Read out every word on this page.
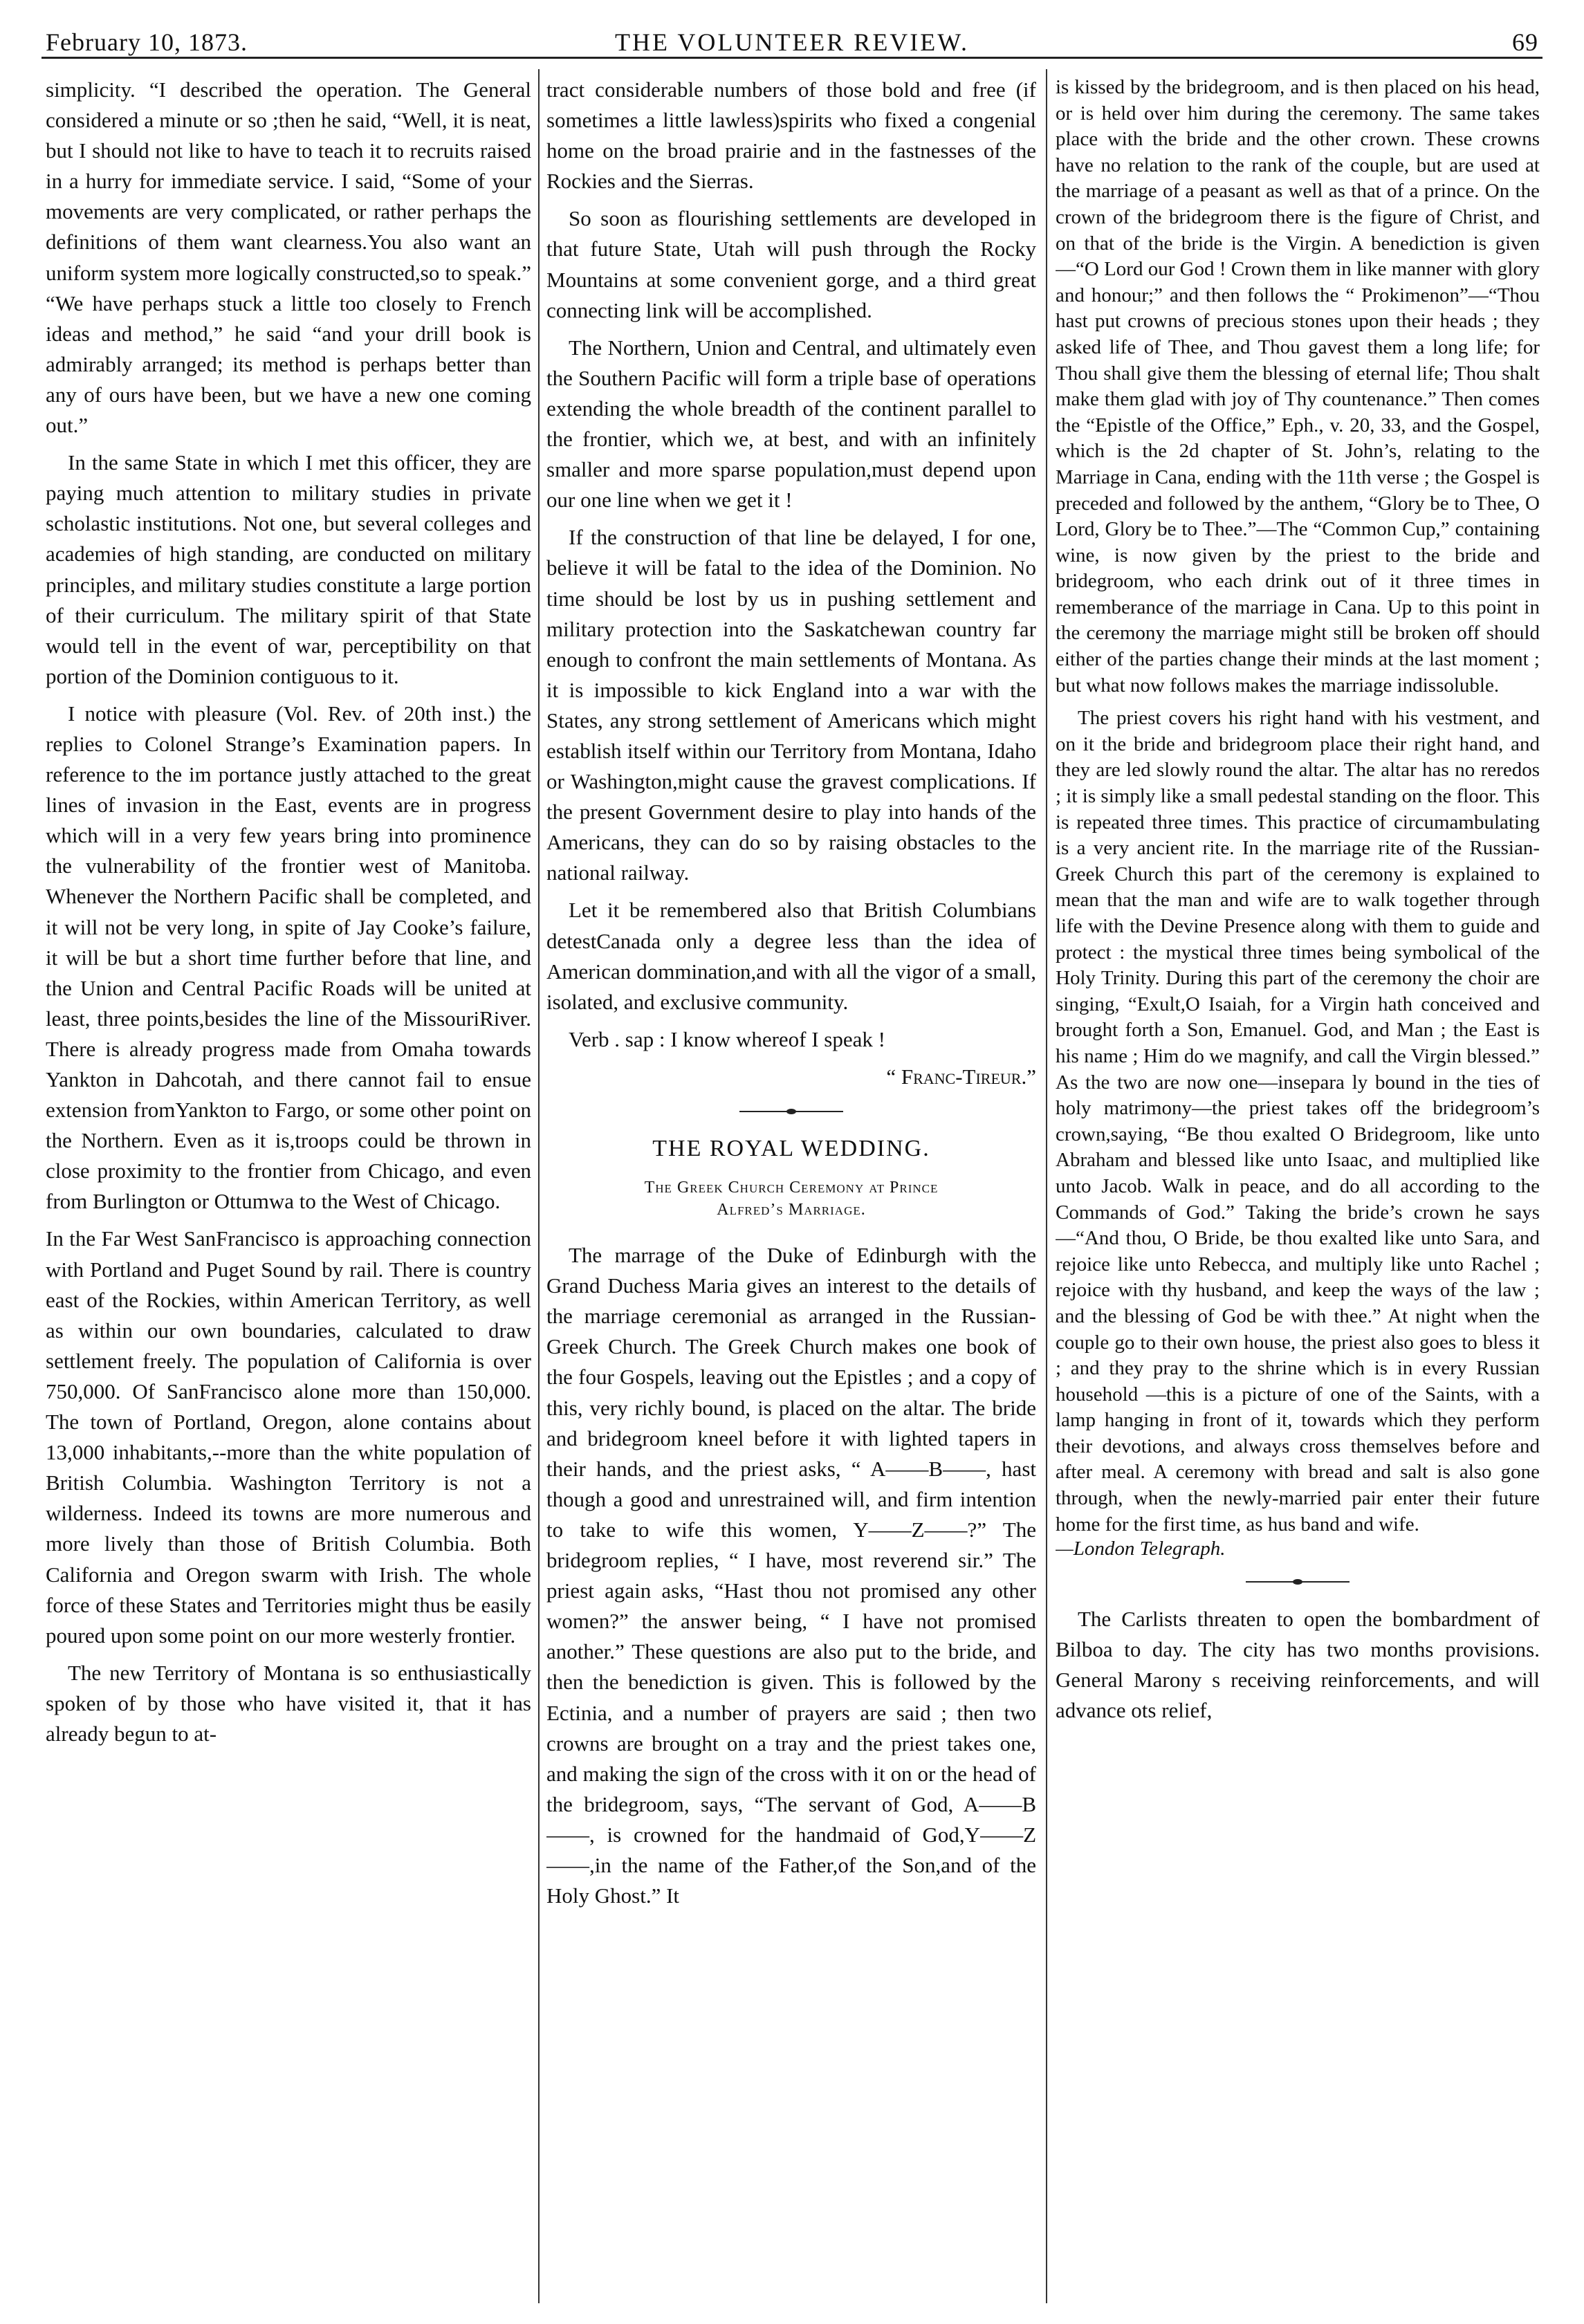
February 10, 1873.	THE VOLUNTEER REVIEW.	69

simplicity. “I described the operation. The General considered a minute or so ;then he said, “Well, it is neat, but I should not like to have to teach it to recruits raised in a hurry for immediate service. I said, “Some of your movements are very complicated, or rather perhaps the definitions of them want clearness.You also want an uniform system more logically constructed,so to speak.” “We have perhaps stuck a little too closely to French ideas and method,” he said “and your drill book is admirably arranged; its method is perhaps better than any of ours have been, but we have a new one coming out.”

In the same State in which I met this officer, they are paying much attention to military studies in private scholastic institutions. Not one, but several colleges and academies of high standing, are conducted on military principles, and military studies constitute a large portion of their curriculum. The military spirit of that State would tell in the event of war, perceptibility on that portion of the Dominion contiguous to it.

I notice with pleasure (Vol. Rev. of 20th inst.) the replies to Colonel Strange’s Examination papers. In reference to the im portance justly attached to the great lines of invasion in the East, events are in progress which will in a very few years bring into prominence the vulnerability of the frontier west of Manitoba. Whenever the Northern Pacific shall be completed, and it will not be very long, in spite of Jay Cooke’s failure, it will be but a short time further before that line, and the Union and Central Pacific Roads will be united at least, three points,besides the line of the MissouriRiver. There is already progress made from Omaha towards Yankton in Dahcotah, and there cannot fail to ensue extension fromYankton to Fargo, or some other point on the Northern. Even as it is,troops could be thrown in close proximity to the frontier from Chicago, and even from Burlington or Ottumwa to the West of Chicago.

In the Far West SanFrancisco is approaching connection with Portland and Puget Sound by rail. There is country east of the Rockies, within American Territory, as well as within our own boundaries, calculated to draw settlement freely. The population of California is over 750,000. Of SanFrancisco alone more than 150,000. The town of Portland, Oregon, alone contains about 13,000 inhabitants,--more than the white population of British Columbia. Washington Territory is not a wilderness. Indeed its towns are more numerous and more lively than those of British Columbia. Both California and Oregon swarm with Irish. The whole force of these States and Territories might thus be easily poured upon some point on our more westerly frontier.

The new Territory of Montana is so enthusiastically spoken of by those who have visited it, that it has already begun to at-

tract considerable numbers of those bold and free (if sometimes a little lawless)spirits who fixed a congenial home on the broad prairie and in the fastnesses of the Rockies and the Sierras.

So soon as flourishing settlements are developed in that future State, Utah will push through the Rocky Mountains at some convenient gorge, and a third great connecting link will be accomplished.

The Northern, Union and Central, and ultimately even the Southern Pacific will form a triple base of operations extending the whole breadth of the continent parallel to the frontier, which we, at best, and with an infinitely smaller and more sparse population,must depend upon our one line when we get it !

If the construction of that line be delayed, I for one, believe it will be fatal to the idea of the Dominion. No time should be lost by us in pushing settlement and military protection into the Saskatchewan country far enough to confront the main settlements of Montana. As it is impossible to kick England into a war with the States, any strong settlement of Americans which might establish itself within our Territory from Montana, Idaho or Washington,might cause the gravest complications. If the present Government desire to play into hands of the Americans, they can do so by raising obstacles to the national railway.

Let it be remembered also that British Columbians detestCanada only a degree less than the idea of American dommination,and with all the vigor of a small, isolated, and exclusive community.

Verb . sap : I know whereof I speak !

“ Franc-Tireur.”

THE ROYAL WEDDING.
The Greek Church Ceremony at Prince
Alfred’s Marriage.

The marrage of the Duke of Edinburgh with the Grand Duchess Maria gives an interest to the details of the marriage ceremonial as arranged in the Russian-Greek Church. The Greek Church makes one book of the four Gospels, leaving out the Epistles ; and a copy of this, very richly bound, is placed on the altar. The bride and bridegroom kneel before it with lighted tapers in their hands, and the priest asks, “ A——B——, hast though a good and unrestrained will, and firm intention to take to wife this women, Y——Z——?” The bridegroom replies, “ I have, most reverend sir.” The priest again asks, “Hast thou not promised any other women?” the answer being, “ I have not promised another.” These questions are also put to the bride, and then the benediction is given. This is followed by the Ectinia, and a number of prayers are said ; then two crowns are brought on a tray and the priest takes one, and making the sign of the cross with it on or the head of the bridegroom, says, “The servant of God, A——B——, is crowned for the handmaid of God,Y——Z——,in the name of the Father,of the Son,and of the Holy Ghost.” It

is kissed by the bridegroom, and is then placed on his head, or is held over him during the ceremony. The same takes place with the bride and the other crown. These crowns have no relation to the rank of the couple, but are used at the marriage of a peasant as well as that of a prince. On the crown of the bridegroom there is the figure of Christ, and on that of the bride is the Virgin. A benediction is given—“O Lord our God ! Crown them in like manner with glory and honour;” and then follows the “ Prokimenon”—“Thou hast put crowns of precious stones upon their heads ; they asked life of Thee, and Thou gavest them a long life; for Thou shall give them the blessing of eternal life; Thou shalt make them glad with joy of Thy countenance.” Then comes the “Epistle of the Office,” Eph., v. 20, 33, and the Gospel, which is the 2d chapter of St. John’s, relating to the Marriage in Cana, ending with the 11th verse ; the Gospel is preceded and followed by the anthem, “Glory be to Thee, O Lord, Glory be to Thee.”—The “Common Cup,” containing wine, is now given by the priest to the bride and bridegroom, who each drink out of it three times in rememberance of the marriage in Cana. Up to this point in the ceremony the marriage might still be broken off should either of the parties change their minds at the last moment ; but what now follows makes the marriage indissoluble.

The priest covers his right hand with his vestment, and on it the bride and bridegroom place their right hand, and they are led slowly round the altar. The altar has no reredos ; it is simply like a small pedestal standing on the floor. This is repeated three times. This practice of circumambulating is a very ancient rite. In the marriage rite of the Russian-Greek Church this part of the ceremony is explained to mean that the man and wife are to walk together through life with the Devine Presence along with them to guide and protect : the mystical three times being symbolical of the Holy Trinity. During this part of the ceremony the choir are singing, “Exult,O Isaiah, for a Virgin hath conceived and brought forth a Son, Emanuel. God, and Man ; the East is his name ; Him do we magnify, and call the Virgin blessed.” As the two are now one—insepara ly bound in the ties of holy matrimony—the priest takes off the bridegroom’s crown,saying, “Be thou exalted O Bridegroom, like unto Abraham and blessed like unto Isaac, and multiplied like unto Jacob. Walk in peace, and do all according to the Commands of God.” Taking the bride’s crown he says—“And thou, O Bride, be thou exalted like unto Sara, and rejoice like unto Rebecca, and multiply like unto Rachel ; rejoice with thy husband, and keep the ways of the law ; and the blessing of God be with thee.” At night when the couple go to their own house, the priest also goes to bless it ; and they pray to the shrine which is in every Russian household —this is a picture of one of the Saints, with a lamp hanging in front of it, towards which they perform their devotions, and always cross themselves before and after meal. A ceremony with bread and salt is also gone through, when the newly-married pair enter their future home for the first time, as hus band and wife.

—London Telegraph.

The Carlists threaten to open the bombardment of Bilboa to day. The city has two months provisions. General Marony s receiving reinforcements, and will advance ots relief,
